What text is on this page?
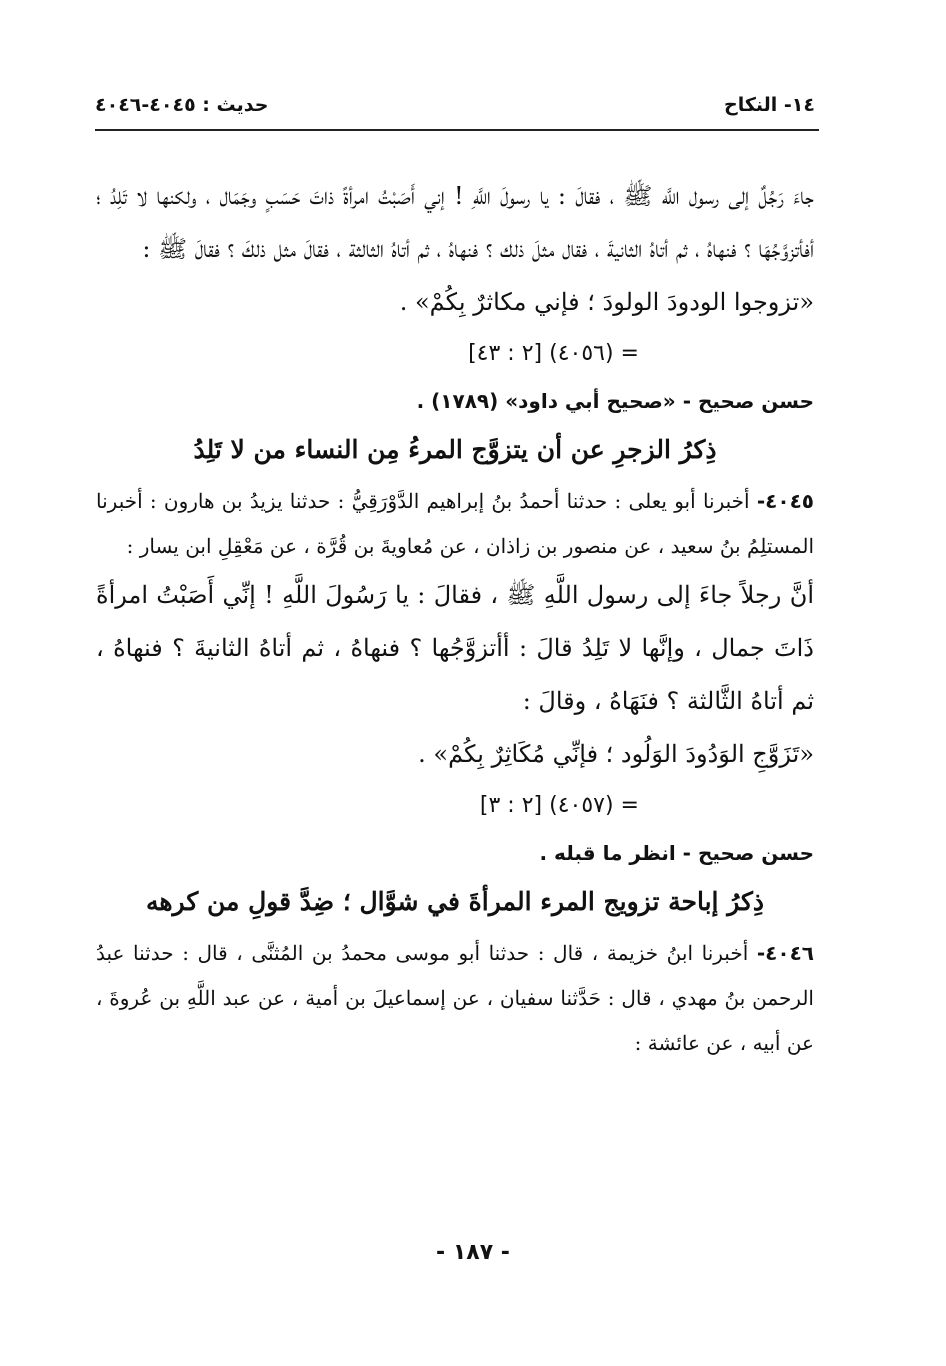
١٤- النكاح
حديث : ٤٠٤٥-٤٠٤٦

جاءَ رَجُلٌ إلى رسول اللَّه ﷺ ، فقالَ : يا رسولَ اللَّهِ ! إني أَصَبْتُ امرأةً ذاتَ حَسَبٍ وجَمَال ، ولكنها لا تَلِدُ ؛ أفأتزوَّجُهَا ؟ فنهاهُ ، ثم أتاهُ الثانيةَ ، فقال مثلَ ذلك ؟ فنهاهُ ، ثم أتاهُ الثالثة ، فقالَ مثل ذلكَ ؟ فقالَ ﷺ :

«تزوجوا الودودَ الولودَ ؛ فإني مكاثرٌ بِكُمْ» .

= (٤٠٥٦) [٢ : ٤٣]

حسن صحيح - «صحيح أبي داود» (١٧٨٩) .

ذِكرُ الزجرِ عن أن يتزوَّج المرءُ مِن النساء من لا تَلِدُ

٤٠٤٥- أخبرنا أبو يعلى : حدثنا أحمدُ بنُ إبراهيم الدَّوْرَقِيُّ : حدثنا يزيدُ بن هارون : أخبرنا المستلِمُ بنُ سعيد ، عن منصور بن زاذان ، عن مُعاويةَ بن قُرَّة ، عن مَعْقِلِ ابن يسار :

أنَّ رجلاً جاءَ إلى رسول اللَّهِ ﷺ ، فقالَ : يا رَسُولَ اللَّهِ ! إنِّي أَصَبْتُ امرأةً ذَاتَ جمال ، وإنَّها لا تَلِدُ قالَ : أأتزوَّجُها ؟ فنهاهُ ، ثم أتاهُ الثانيةَ ؟ فنهاهُ ، ثم أتاهُ الثَّالثة ؟ فنَهَاهُ ، وقالَ :

«تَزَوَّجِ الوَدُودَ الوَلُود ؛ فإنِّي مُكَاثِرٌ بِكُمْ» .

= (٤٠٥٧) [٢ : ٣]

حسن صحيح - انظر ما قبله .

ذِكرُ إباحة تزويج المرء المرأةَ في شوَّال ؛ ضِدَّ قولِ من كرهه

٤٠٤٦- أخبرنا ابنُ خزيمة ، قال : حدثنا أبو موسى محمدُ بن المُثنَّى ، قال : حدثنا عبدُ الرحمن بنُ مهدي ، قال : حَدَّثنا سفيان ، عن إسماعيلَ بن أمية ، عن عبد اللَّهِ بن عُروةَ ، عن أبيه ، عن عائشة :

- ١٨٧ -
